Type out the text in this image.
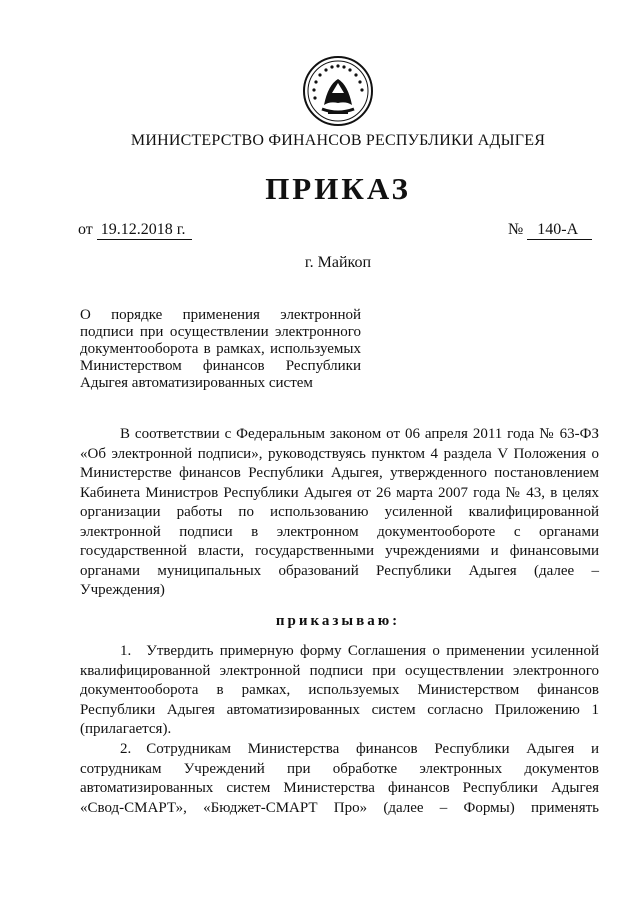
МИНИСТЕРСТВО ФИНАНСОВ РЕСПУБЛИКИ АДЫГЕЯ
ПРИКАЗ
от 19.12.2018 г.	№ 140-А
г. Майкоп
О порядке применения электронной
подписи при осуществлении электронного
документооборота в рамках, используемых
Министерством финансов Республики
Адыгея автоматизированных систем
В соответствии с Федеральным законом от 06 апреля 2011 года № 63-ФЗ
«Об электронной подписи», руководствуясь пунктом 4 раздела V Положения о
Министерстве финансов Республики Адыгея, утвержденного постановлением
Кабинета Министров Республики Адыгея от 26 марта 2007 года № 43, в целях
организации работы по использованию усиленной квалифицированной
электронной подписи в электронном документообороте с органами
государственной власти, государственными учреждениями и финансовыми
органами муниципальных образований Республики Адыгея (далее –
Учреждения)
приказываю:
1.  Утвердить примерную форму Соглашения о применении усиленной
квалифицированной электронной подписи при осуществлении электронного
документооборота в рамках, используемых Министерством финансов
Республики Адыгея автоматизированных систем согласно Приложению 1
(прилагается).
2.  Сотрудникам Министерства финансов Республики Адыгея и
сотрудникам Учреждений при обработке электронных документов
автоматизированных систем Министерства финансов Республики Адыгея
«Свод-СМАРТ», «Бюджет-СМАРТ Про» (далее – Формы) применять
